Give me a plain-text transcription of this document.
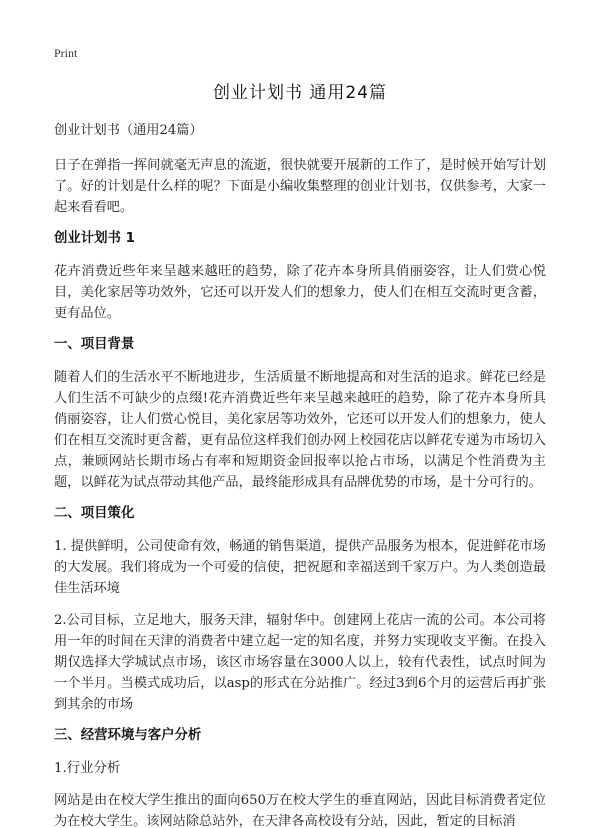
Print
创业计划书 通用24篇

创业计划书（通用24篇）

日子在弹指一挥间就毫无声息的流逝，很快就要开展新的工作了，是时候开始写计划了。好的计划是什么样的呢？下面是小编收集整理的创业计划书，仅供参考，大家一起来看看吧。

创业计划书 1

花卉消费近些年来呈越来越旺的趋势，除了花卉本身所具俏丽姿容，让人们赏心悦目，美化家居等功效外，它还可以开发人们的想象力，使人们在相互交流时更含蓄，更有品位。

一、项目背景

随着人们的生活水平不断地进步，生活质量不断地提高和对生活的追求。鲜花已经是人们生活不可缺少的点缀!花卉消费近些年来呈越来越旺的趋势，除了花卉本身所具俏丽姿容，让人们赏心悦目，美化家居等功效外，它还可以开发人们的想象力，使人们在相互交流时更含蓄，更有品位这样我们创办网上校园花店以鲜花专递为市场切入点，兼顾网站长期市场占有率和短期资金回报率以抢占市场，以满足个性消费为主题，以鲜花为试点带动其他产品，最终能形成具有品牌优势的市场，是十分可行的。

二、项目策化

1. 提供鲜明，公司使命有效，畅通的销售渠道，提供产品服务为根本，促进鲜花市场的大发展。我们将成为一个可爱的信使，把祝愿和幸福送到千家万户。为人类创造最佳生活环境

2.公司目标，立足地大，服务天津，辐射华中。创建网上花店一流的公司。本公司将用一年的时间在天津的消费者中建立起一定的知名度，并努力实现收支平衡。在投入期仅选择大学城试点市场，该区市场容量在3000人以上，较有代表性，试点时间为一个半月。当模式成功后，以asp的形式在分站推广。经过3到6个月的运营后再扩张到其余的市场

三、经营环境与客户分析

1.行业分析

网站是由在校大学生推出的面向650万在校大学生的垂直网站，因此目标消费者定位为在校大学生。该网站除总站外，在天津各高校设有分站，因此，暂定的目标消
